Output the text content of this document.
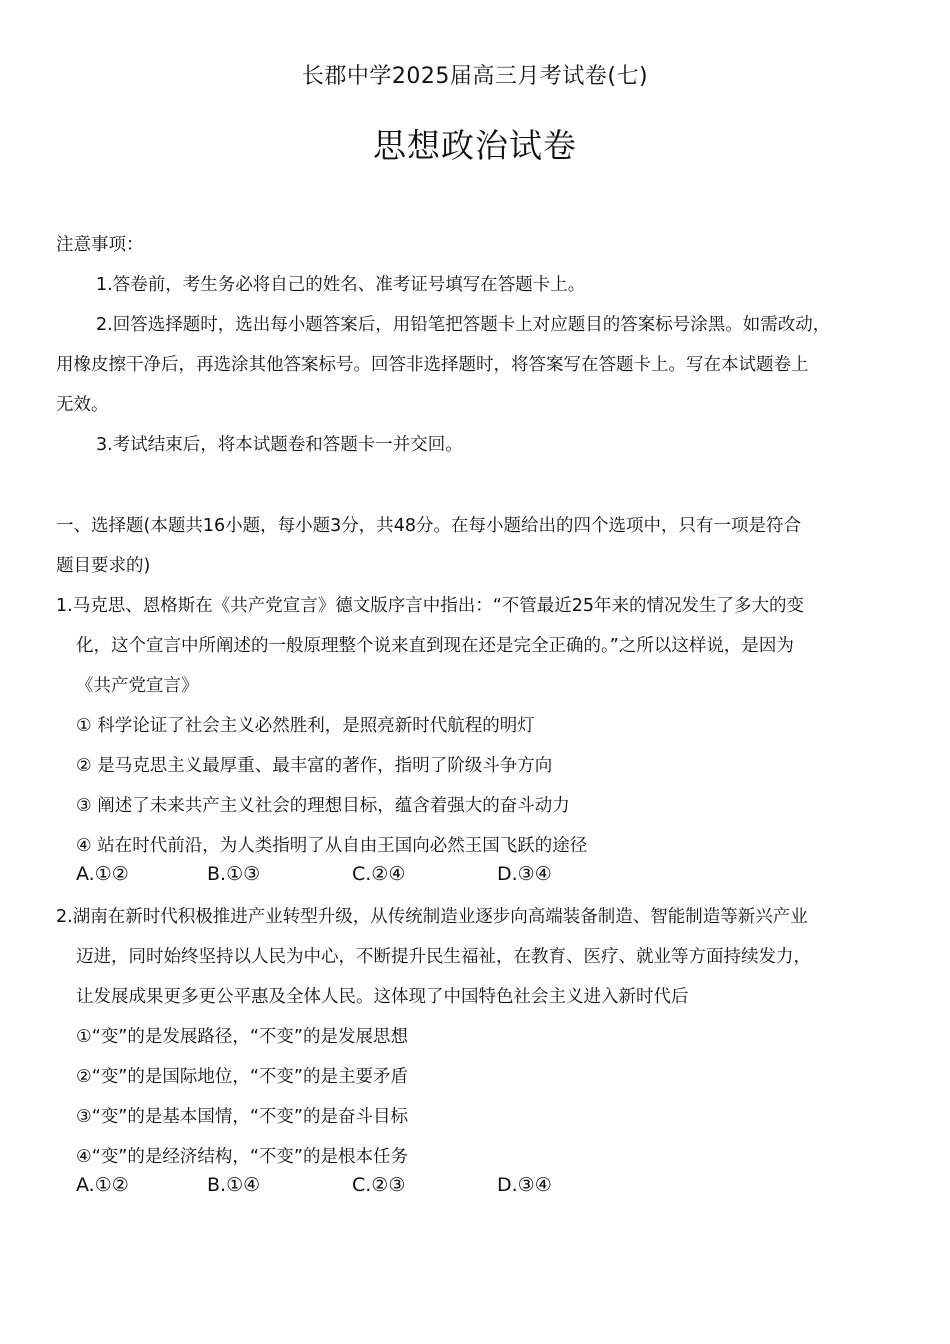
长郡中学2025届高三月考试卷(七)
思想政治试卷
注意事项：
1.答卷前，考生务必将自己的姓名、准考证号填写在答题卡上。
2.回答选择题时，选出每小题答案后，用铅笔把答题卡上对应题目的答案标号涂黑。如需改动，
用橡皮擦干净后，再选涂其他答案标号。回答非选择题时，将答案写在答题卡上。写在本试题卷上
无效。
3.考试结束后，将本试题卷和答题卡一并交回。
一、选择题(本题共16小题，每小题3分，共48分。在每小题给出的四个选项中，只有一项是符合
题目要求的)
1.马克思、恩格斯在《共产党宣言》德文版序言中指出：“不管最近25年来的情况发生了多大的变
化，这个宣言中所阐述的一般原理整个说来直到现在还是完全正确的。”之所以这样说，是因为
《共产党宣言》
① 科学论证了社会主义必然胜利，是照亮新时代航程的明灯
② 是马克思主义最厚重、最丰富的著作，指明了阶级斗争方向
③ 阐述了未来共产主义社会的理想目标，蕴含着强大的奋斗动力
④ 站在时代前沿，为人类指明了从自由王国向必然王国飞跃的途径
A.①②	B.①③	C.②④	D.③④
2.湖南在新时代积极推进产业转型升级，从传统制造业逐步向高端装备制造、智能制造等新兴产业
迈进，同时始终坚持以人民为中心，不断提升民生福祉，在教育、医疗、就业等方面持续发力，
让发展成果更多更公平惠及全体人民。这体现了中国特色社会主义进入新时代后
①“变”的是发展路径，“不变”的是发展思想
②“变”的是国际地位，“不变”的是主要矛盾
③“变”的是基本国情，“不变”的是奋斗目标
④“变”的是经济结构，“不变”的是根本任务
A.①②	B.①④	C.②③	D.③④
